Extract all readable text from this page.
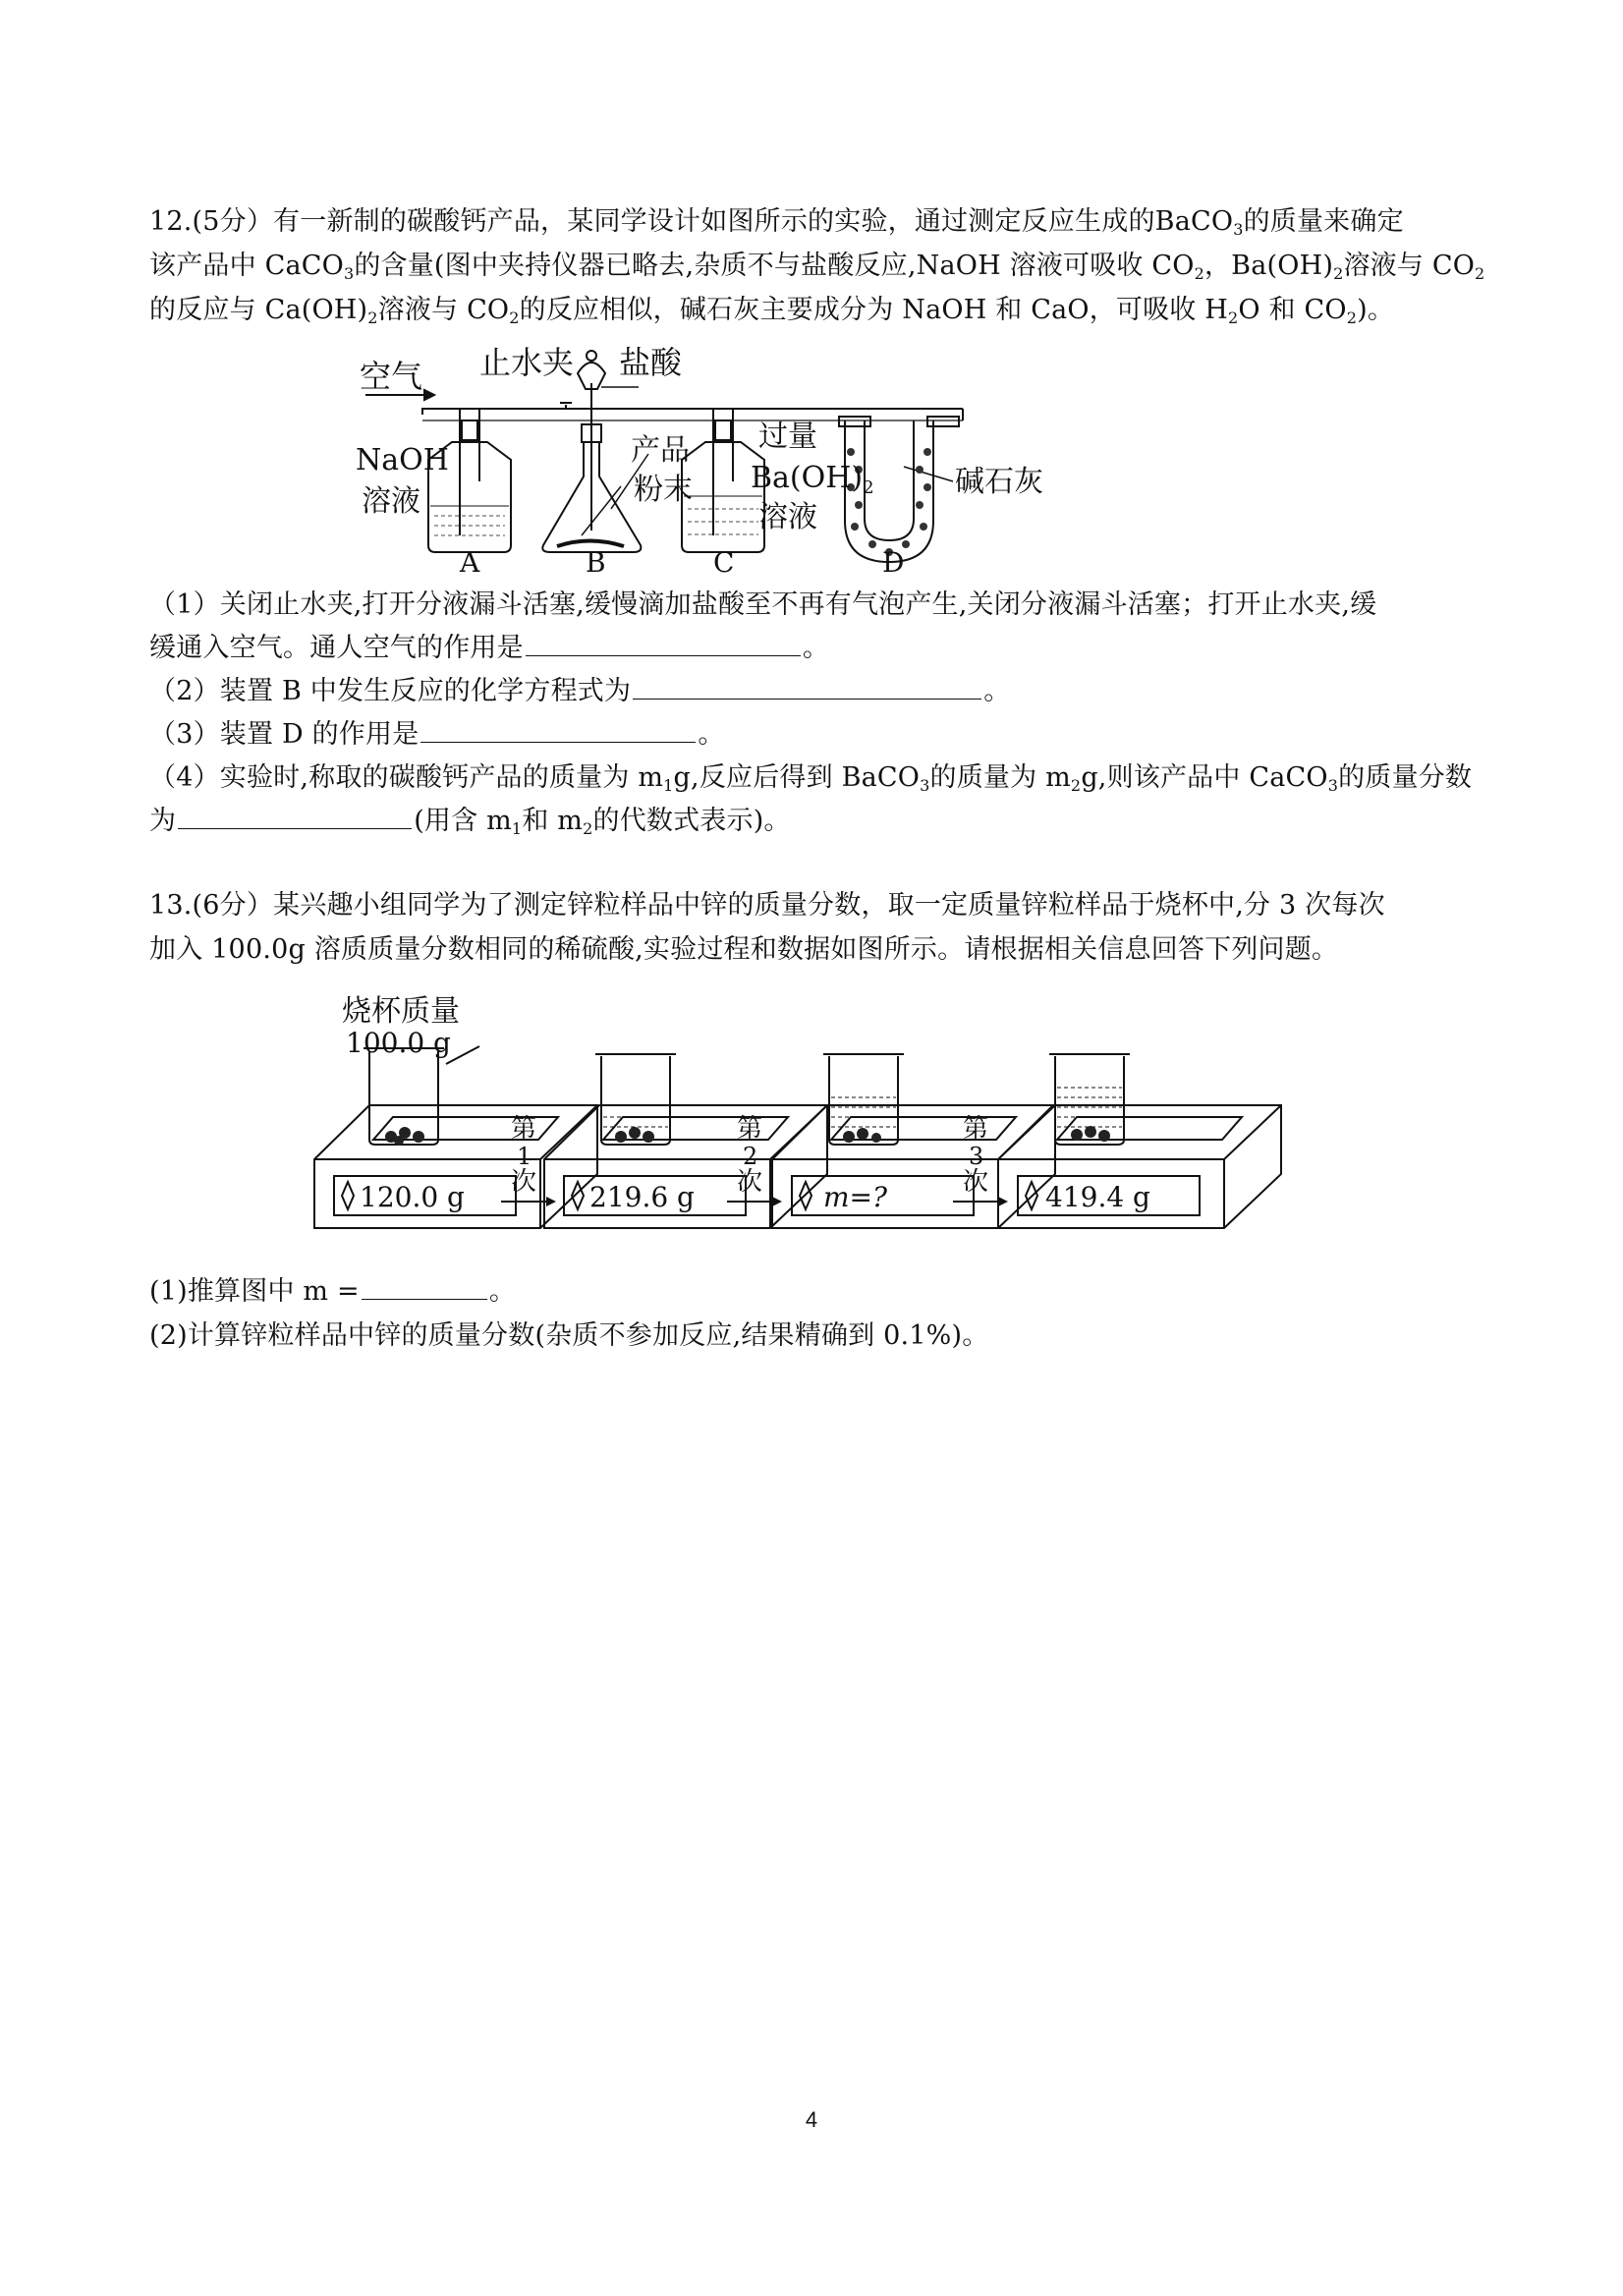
12.(5分）有一新制的碳酸钙产品，某同学设计如图所示的实验，通过测定反应生成的BaCO$_3$的质量来确定
该产品中 CaCO$_3$的含量(图中夹持仪器已略去,杂质不与盐酸反应,NaOH 溶液可吸收 $CO_2$，$Ba(OH)_2$溶液与 $CO_2$
的反应与 $Ca(OH)_2$溶液与 $CO_2$的反应相似，碱石灰主要成分为 NaOH 和 CaO，可吸收 $H_2O$ 和 $CO_2$)。
空气 止水夹 盐酸
NaOH
溶液
产品
粉末
过量
$Ba(OH)_2$
溶液
碱石灰
A	B	C	D
（1）关闭止水夹,打开分液漏斗活塞,缓慢滴加盐酸至不再有气泡产生,关闭分液漏斗活塞；打开止水夹,缓
缓通入空气。通人空气的作用是	。
（2）装置 B 中发生反应的化学方程式为	。
（3）装置 D 的作用是	。
（4）实验时,称取的碳酸钙产品的质量为 $m_1g$,反应后得到 BaCO$_3$的质量为 $m_2g$,则该产品中 CaCO$_3$的质量分数
为	(用含 $m_1$和 $m_2$的代数式表示)。
13.(6分）某兴趣小组同学为了测定锌粒样品中锌的质量分数，取一定质量锌粒样品于烧杯中,分 3 次每次
加入 100.0g 溶质质量分数相同的稀硫酸,实验过程和数据如图所示。请根据相关信息回答下列问题。
烧杯质量
100.0 g
120.0 g	219.6 g	m=?	419.4 g
第
1
次
第
2
次
第
3
次
(1)推算图中 m =	。
(2)计算锌粒样品中锌的质量分数(杂质不参加反应,结果精确到 0.1%)。
4
